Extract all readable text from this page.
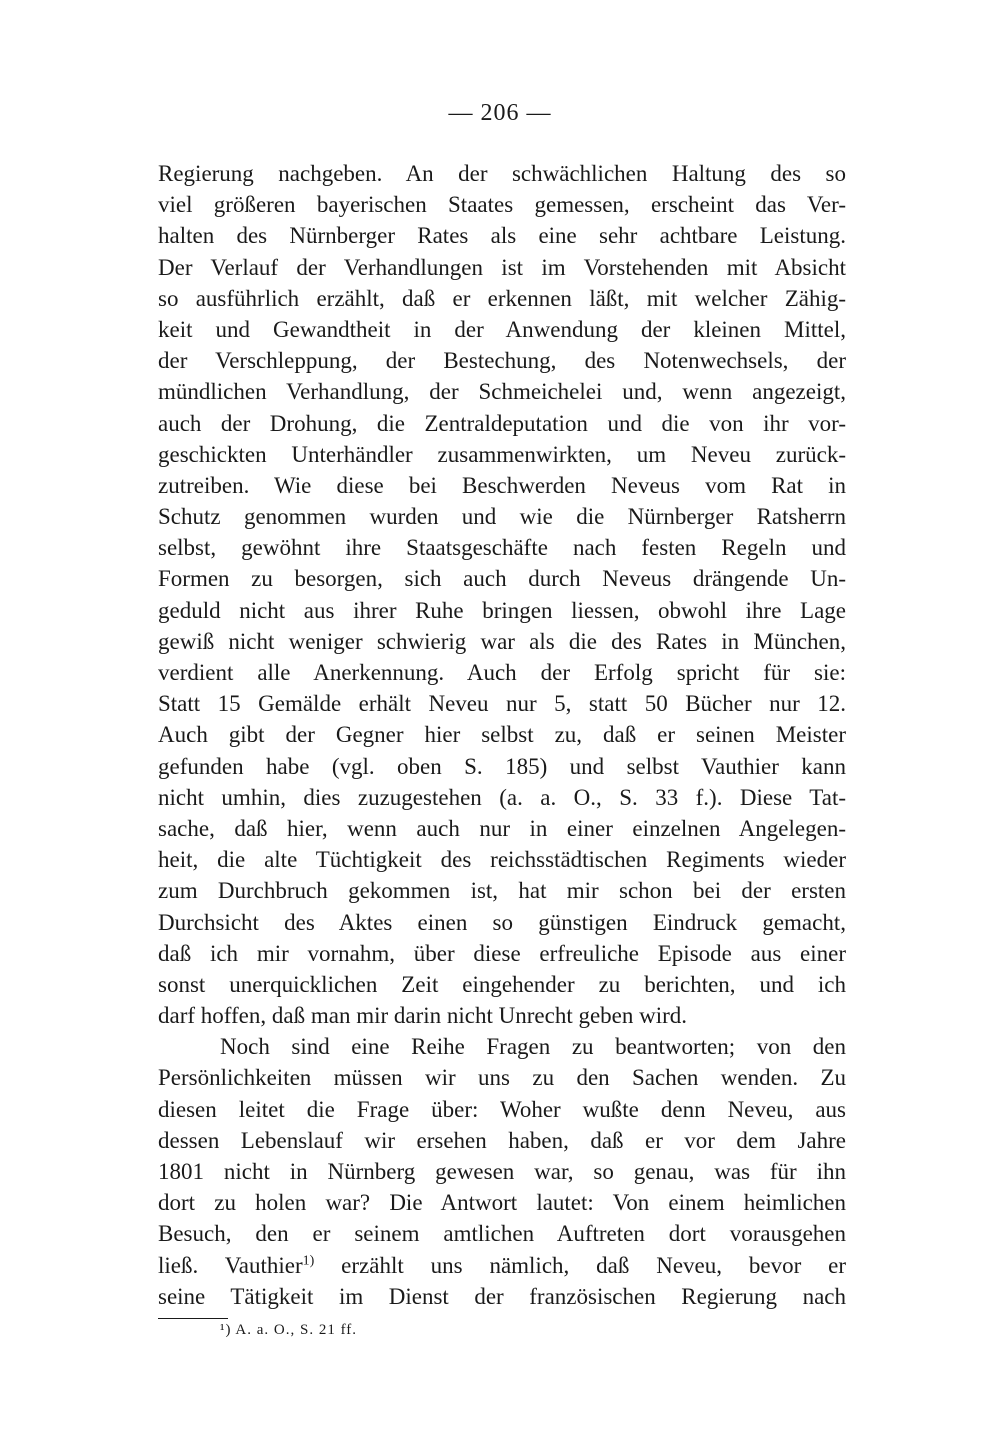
— 206 —
Regierung nachgeben. An der schwächlichen Haltung des so
viel größeren bayerischen Staates gemessen, erscheint das Ver-
halten des Nürnberger Rates als eine sehr achtbare Leistung.
Der Verlauf der Verhandlungen ist im Vorstehenden mit Absicht
so ausführlich erzählt, daß er erkennen läßt, mit welcher Zähig-
keit und Gewandtheit in der Anwendung der kleinen Mittel,
der Verschleppung, der Bestechung, des Notenwechsels, der
mündlichen Verhandlung, der Schmeichelei und, wenn angezeigt,
auch der Drohung, die Zentraldeputation und die von ihr vor-
geschickten Unterhändler zusammenwirkten, um Neveu zurück-
zutreiben. Wie diese bei Beschwerden Neveus vom Rat in
Schutz genommen wurden und wie die Nürnberger Ratsherrn
selbst, gewöhnt ihre Staatsgeschäfte nach festen Regeln und
Formen zu besorgen, sich auch durch Neveus drängende Un-
geduld nicht aus ihrer Ruhe bringen liessen, obwohl ihre Lage
gewiß nicht weniger schwierig war als die des Rates in München,
verdient alle Anerkennung. Auch der Erfolg spricht für sie:
Statt 15 Gemälde erhält Neveu nur 5, statt 50 Bücher nur 12.
Auch gibt der Gegner hier selbst zu, daß er seinen Meister
gefunden habe (vgl. oben S. 185) und selbst Vauthier kann
nicht umhin, dies zuzugestehen (a. a. O., S. 33 f.). Diese Tat-
sache, daß hier, wenn auch nur in einer einzelnen Angelegen-
heit, die alte Tüchtigkeit des reichsstädtischen Regiments wieder
zum Durchbruch gekommen ist, hat mir schon bei der ersten
Durchsicht des Aktes einen so günstigen Eindruck gemacht,
daß ich mir vornahm, über diese erfreuliche Episode aus einer
sonst unerquicklichen Zeit eingehender zu berichten, und ich
darf hoffen, daß man mir darin nicht Unrecht geben wird.
Noch sind eine Reihe Fragen zu beantworten; von den
Persönlichkeiten müssen wir uns zu den Sachen wenden. Zu
diesen leitet die Frage über: Woher wußte denn Neveu, aus
dessen Lebenslauf wir ersehen haben, daß er vor dem Jahre
1801 nicht in Nürnberg gewesen war, so genau, was für ihn
dort zu holen war? Die Antwort lautet: Von einem heimlichen
Besuch, den er seinem amtlichen Auftreten dort vorausgehen
ließ. Vauthier$^{1)}$ erzählt uns nämlich, daß Neveu, bevor er
seine Tätigkeit im Dienst der französischen Regierung nach
¹) A. a. O., S. 21 ff.
